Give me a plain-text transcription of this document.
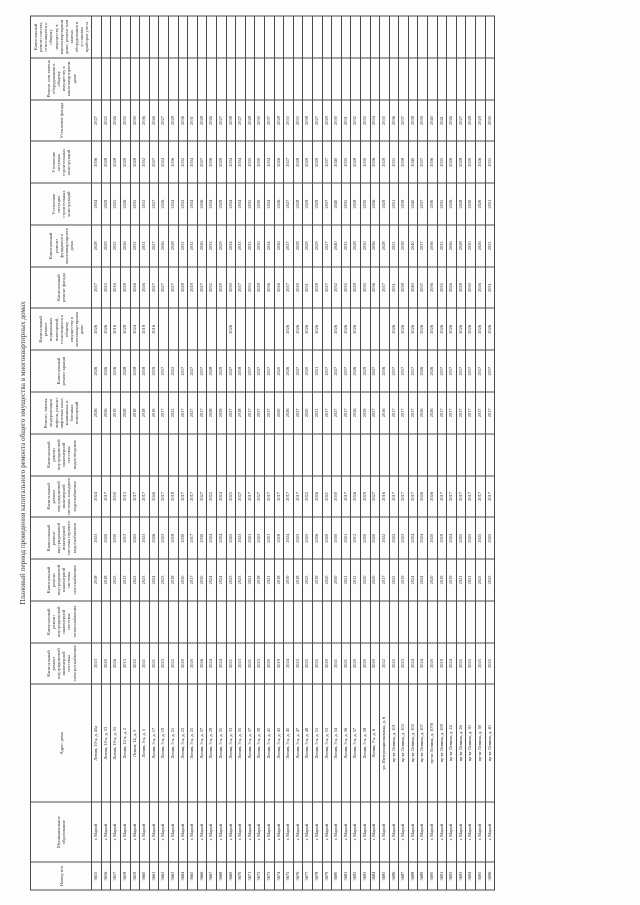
Плановый период проведения капитального ремонта общего имущества в многоквартирных домах
Номер п/п	Муниципальное образование	Адрес дома	Капитальный ремонт внутридомовой инженерной системы электроснабжения	Капитальный ремонт внутридомовой инженерной системы теплоснабжения	Капитальный ремонт внутридомовой инженерной системы газоснабжения	Капитальный ремонт внутридомовой инженерной системы горячего водоснабжения	Капитальный ремонт внутридомовой инженерной системы холодного водоснабжения	Капитальный ремонт внутридомовой инженерной системы водоотведения	Ремонт, замена, модернизация лифтов, ремонт лифтовых шахт, машинных и блочных помещений	Капитальный ремонт крыши	Капитальный ремонт подвальных помещений, относящихся к общему имуществу в многоквартирном доме	Капитальный ремонт фасада	Капитальный ремонт фундамента многоквартирного дома	Утепление несущих строительных конструкций	Утепление несущих строительных конструкций	Утепление фасада	Ремонт или замена оборудования в общему имуществу в многоквартирном доме	Капитальный ремонт систем, относящихся к общему имуществу в многоквартирном доме; ремонт или замена оборудования и установка приборов учета
3655	г. Марий	Ленин, 10-а, д. 45а	2023		2018	2023	2024		2026	2026	2026	2027	2028	2034	2036	2027		
3656	г. Марий	Ленин, 10-а, д. 53	2020		2018	2020	2017		2026	2026	2026	2025	2029	2029	2028	2025		
3657	г. Марий	Ленин, 10-а, д. 55	2026		2025	2030	2030		2019	2016	2016	2016	2025	2025	2028	2026		
3658	г. Марий	Ленин, 12-а, д. 2	2013		2013	2013	2013		2028	2028	2028	2028	2026	2026	2029	2033		
3659	г. Марий	Ленин, 14, д. 3	2025		2022	2025	2017		2018	2018	2024	2026	2031	2035	2028	2030		
3660	г. Марий	Ленин, 5-а, д. 5	2021		2023	2023	2017		2018	2018	2018	2026	2031	2032	2032	2036		
3661	г. Марий	Ленин, 5-а, д. 17	2021		2024	2026	2026		2019	2019	2016	2027	2027	2027	2027	2026		
3662	г. Марий	Ленин, 5-а, д. 19	2023		2023	2023	2017		2017	2017		2027	2026	2026	2024	2027		
3663	г. Марий	Ленин, 5-а, д. 21	2022		2018	2018	2018		2022	2022		2027	2028	2034	2036	2028		
3664	г. Марий	Ленин, 5-а, д. 23	2020		2030	2030	2017		2017	2017		2028	2031	2032	2032	2036		
3665	г. Марий	Ленин, 5-а, д. 25	2020		2017	2017	2017		2027	2027		2029	2032	2034	2034	2031		
3666	г. Марий	Ленин, 5-а, д. 27	2026		2030	2030	2027		2017	2017		2027	2026	2026	2027	2028		
3667	г. Марий	Ленин, 5-а, д. 29	2024		2024	2024	2022		2028	2028		2032	2033	2034	2036	2026		
3668	г. Марий	Ленин, 5-а, д. 31	2024		2024	2024	2024		2029	2029		2029	2029	2029	2029	2027		
3669	г. Марий	Ленин, 5-а, д. 33	2021		2025	2025	2025		2027	2027	2026	2030	2034	2034	2034	2038		
3670	г. Марий	Ленин, 5-а, д. 35	2023		2023	2023	2027		2018	2018		2027	2033	2034	2034	2027		
3671	г. Марий	Ленин, 5-а, д. 37	2021		2021	2021	2017		2017	2017		2033	2035	2035	2035	2028		
3672	г. Марий	Ленин, 5-а, д. 39	2023		2018	2023	2027		2027	2027		2028	2030	2030	2030	2030		
3673	г. Марий	Ленин, 5-а, д. 41	2020		2021	2021	2017		2017	2017		2036	2034	2034	2034	2037		
3674	г. Марий	Ленин, 5-а, д. 43	2019		2018	2018	2017		2020	2020		2026	2026	2026	2026	2028		
3675	г. Марий	Ленин, 5-а, д. 45	2024		2019	2024	2017		2026	2026	2026	2027	2027	2027	2027	2033		
3676	г. Марий	Ленин, 5-а, д. 47	2023		2018	2023	2017		2027	2027	2026	2029	2028	2028	2028	2033		
3677	г. Марий	Ленин, 5-а, д. 49	2025		2025	2025	2022		2020	2020	2026	2031	2029	2029	2029	2038		
3678	г. Марий	Ленин, 5-а, д. 51	2025		2019	2026	2026		2021	2021	2026	2028	2029	2029	2029	2027		
3679	г. Марий	Ленин, 5-а, д. 53	2020		2020	2020	2021		2017	2017		2027	2027	2037	2037	2029		
3680	г. Марий	Ленин, 5-а, д. 54	2021		2030	2030	2030		2027	2027	2026	2032	2040	2040	2040	2030		
3681	г. Марий	Ленин, 5-а, д. 56	2021		2021	2021	2017		2017	2017	2026	2035	2035	2035	2035	2031		
3682	г. Марий	Ленин, 5-а, д. 57	2020		2012	2012	2026		2026	2026	2026	2028	2028	2028	2028	2032		
3683	г. Марий	Ленин, 5-а, д. 58	2020		2020	2020	2029		2029	2029		2030	2030	2030	2030	2033		
3684	г. Марий	Ленин, 7-а, д. 6	2020		2020	2020	2027		2027	2027		2036	2036	2036	2036	2034		
3685	г. Марий	ул. Интернациональная, д. 6	2022		2017	2022	2016		2016	2016		2027	2028	2029	2029	2035		
3686	г. Марий	пр-кт Ленина, д. 101	2022		2022	2022	2017		2017	2017	2026	2031	2031	2031	2031	2036		
3687	г. Марий	пр-кт Ленина, д. 103	2023		2019	2023	2017		2017	2017	2026	2038	2038	2038	2038	2037		
3688	г. Марий	пр-кт Ленина, д. 105	2024		2024	2024	2017		2017	2017	2026	2040	2040	2040	2040	2038		
3689	г. Марий	пр-кт Ленина, д. 107	2024		2024	2024	2026		2026	2026	2026	2037	2037	2037	2037	2039		
3690	г. Марий	пр-кт Ленина, д. 107б	2020		2020	2020	2026		2026	2026	2026	2036	2036	2036	2036	2040		
3691	г. Марий	пр-кт Ленина, д. 109	2019		2019	2019	2017		2017	2017	2026	2035	2035	2035	2035	2041		
3692	г. Марий	пр-кт Ленина, д. 24	2024		2019	2024	2017		2017	2017	2026	2026	2026	2026	2026	2026		
3693	г. Марий	пр-кт Ленина, д. 26	2025		2021	2025	2017		2017	2017	2026	2028	2028	2028	2028	2027		
3694	г. Марий	пр-кт Ленина, д. 30	2025		2021	2025	2017		2017	2017	2026	2030	2030	2030	2030	2028		
3695	г. Марий	пр-кт Ленина, д. 38	2025		2025	2025	2017		2017	2017	2026	2026	2026	2026	2026	2029		
3696	г. Марий	пр-кт Ленина, д. 40	2025		2025	2025	2017		2017	2017	2026	2031	2031	2031	2031	2030		
